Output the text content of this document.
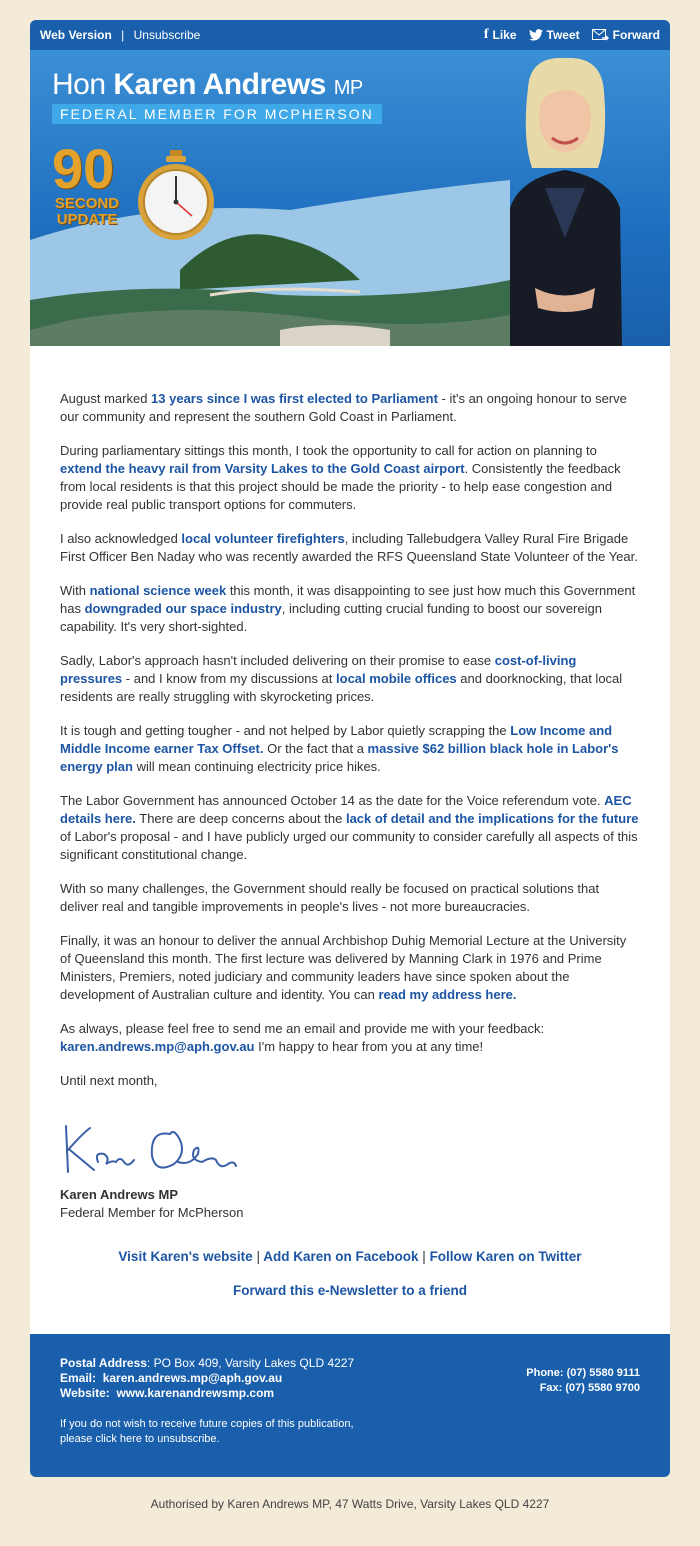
Web Version | Unsubscribe	f Like	Tweet	Forward
Hon Karen Andrews MP
FEDERAL MEMBER FOR MCPHERSON
90
SECOND
UPDATE

August marked 13 years since I was first elected to Parliament - it's an ongoing honour to serve our community and represent the southern Gold Coast in Parliament.

During parliamentary sittings this month, I took the opportunity to call for action on planning to extend the heavy rail from Varsity Lakes to the Gold Coast airport. Consistently the feedback from local residents is that this project should be made the priority - to help ease congestion and provide real public transport options for commuters.

I also acknowledged local volunteer firefighters, including Tallebudgera Valley Rural Fire Brigade First Officer Ben Naday who was recently awarded the RFS Queensland State Volunteer of the Year.

With national science week this month, it was disappointing to see just how much this Government has downgraded our space industry, including cutting crucial funding to boost our sovereign capability. It's very short-sighted.

Sadly, Labor's approach hasn't included delivering on their promise to ease cost-of-living pressures - and I know from my discussions at local mobile offices and doorknocking, that local residents are really struggling with skyrocketing prices.

It is tough and getting tougher - and not helped by Labor quietly scrapping the Low Income and Middle Income earner Tax Offset. Or the fact that a massive $62 billion black hole in Labor's energy plan will mean continuing electricity price hikes.

The Labor Government has announced October 14 as the date for the Voice referendum vote. AEC details here. There are deep concerns about the lack of detail and the implications for the future of Labor's proposal - and I have publicly urged our community to consider carefully all aspects of this significant constitutional change.

With so many challenges, the Government should really be focused on practical solutions that deliver real and tangible improvements in people's lives - not more bureaucracies.

Finally, it was an honour to deliver the annual Archbishop Duhig Memorial Lecture at the University of Queensland this month. The first lecture was delivered by Manning Clark in 1976 and Prime Ministers, Premiers, noted judiciary and community leaders have since spoken about the development of Australian culture and identity. You can read my address here.

As always, please feel free to send me an email and provide me with your feedback: karen.andrews.mp@aph.gov.au I'm happy to hear from you at any time!

Until next month,

Karen Andrews MP
Federal Member for McPherson
Visit Karen's website | Add Karen on Facebook | Follow Karen on Twitter
Forward this e-Newsletter to a friend
Postal Address: PO Box 409, Varsity Lakes QLD 4227
Email: karen.andrews.mp@aph.gov.au
Website: www.karenandrewsmp.com
If you do not wish to receive future copies of this publication,
please click here to unsubscribe.
Phone: (07) 5580 9111
Fax: (07) 5580 9700
Authorised by Karen Andrews MP, 47 Watts Drive, Varsity Lakes QLD 4227
